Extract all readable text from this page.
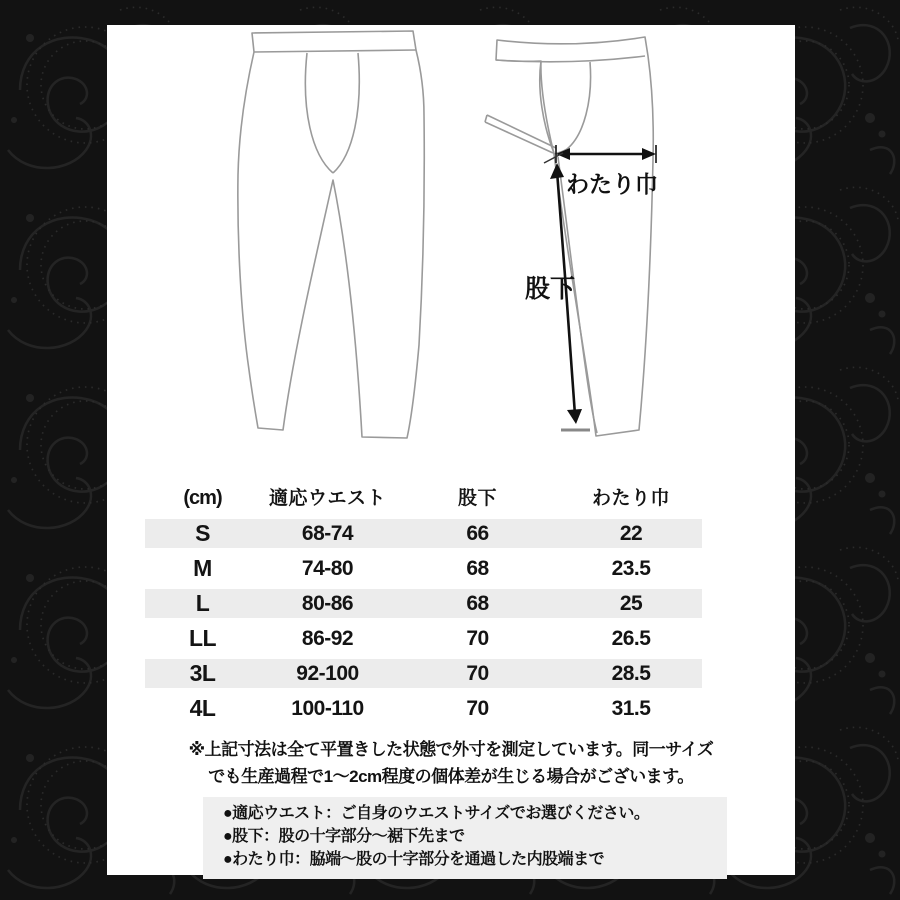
わたり巾
股下
(cm)	適応ウエスト	股下	わたり巾
S	68-74	66	22
M	74-80	68	23.5
L	80-86	68	25
LL	86-92	70	26.5
3L	92-100	70	28.5
4L	100-110	70	31.5
※上記寸法は全て平置きした状態で外寸を測定しています。同一サイズ
でも生産過程で1〜2cm程度の個体差が生じる場合がございます。
●適応ウエスト：ご自身のウエストサイズでお選びください。
●股下：股の十字部分〜裾下先まで
●わたり巾：脇端〜股の十字部分を通過した内股端まで
